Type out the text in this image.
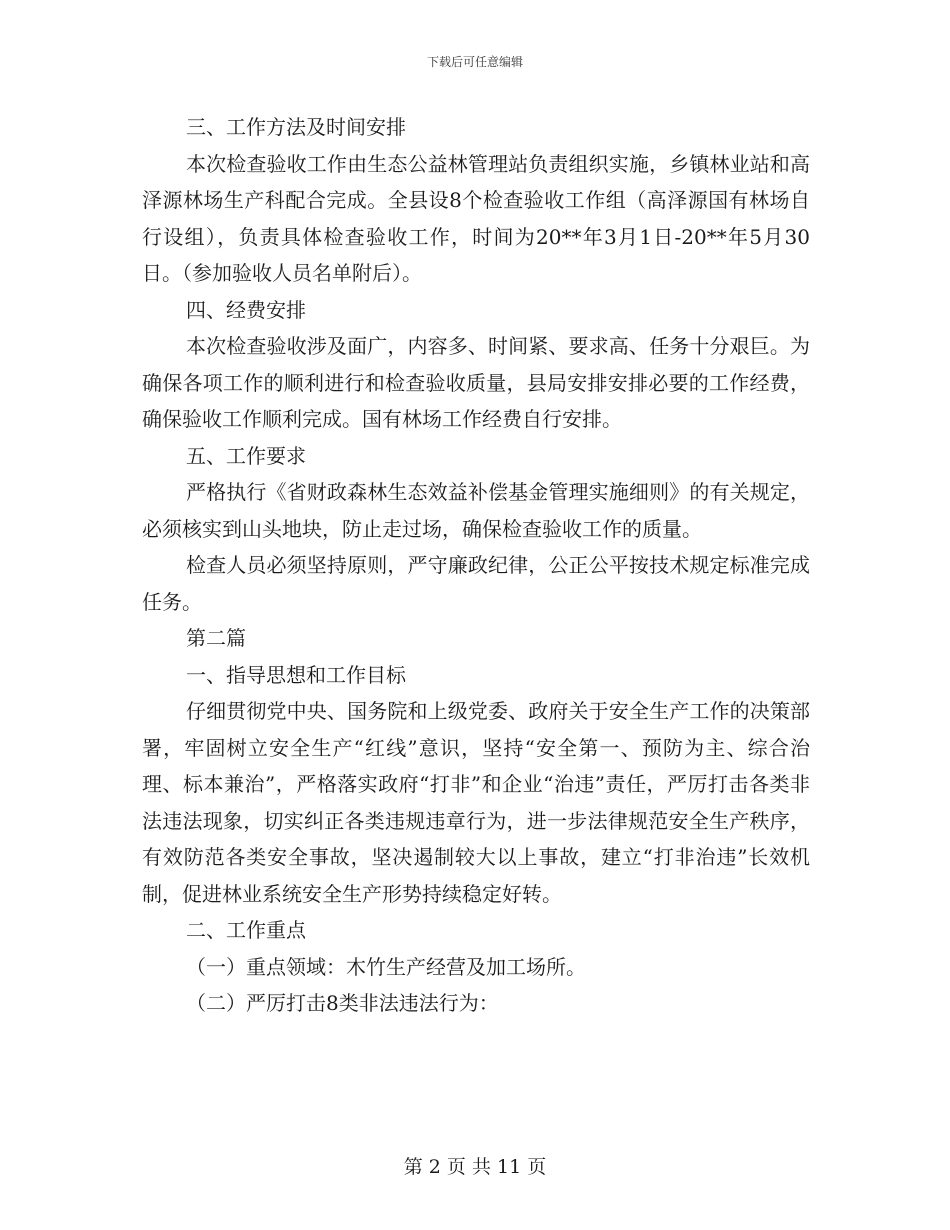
下载后可任意编辑

三、工作方法及时间安排

本次检查验收工作由生态公益林管理站负责组织实施，乡镇林业站和高泽源林场生产科配合完成。全县设8个检查验收工作组（高泽源国有林场自行设组），负责具体检查验收工作，时间为20**年3月1日-20**年5月30日。（参加验收人员名单附后）。

四、经费安排

本次检查验收涉及面广，内容多、时间紧、要求高、任务十分艰巨。为确保各项工作的顺利进行和检查验收质量，县局安排安排必要的工作经费，确保验收工作顺利完成。国有林场工作经费自行安排。

五、工作要求

严格执行《省财政森林生态效益补偿基金管理实施细则》的有关规定，必须核实到山头地块，防止走过场，确保检查验收工作的质量。

检查人员必须坚持原则，严守廉政纪律，公正公平按技术规定标准完成任务。

第二篇

一、指导思想和工作目标

仔细贯彻党中央、国务院和上级党委、政府关于安全生产工作的决策部署，牢固树立安全生产“红线”意识，坚持“安全第一、预防为主、综合治理、标本兼治”，严格落实政府“打非”和企业“治违”责任，严厉打击各类非法违法现象，切实纠正各类违规违章行为，进一步法律规范安全生产秩序，有效防范各类安全事故，坚决遏制较大以上事故，建立“打非治违”长效机制，促进林业系统安全生产形势持续稳定好转。

二、工作重点

（一）重点领域：木竹生产经营及加工场所。

（二）严厉打击8类非法违法行为：

第 2 页 共 11 页
